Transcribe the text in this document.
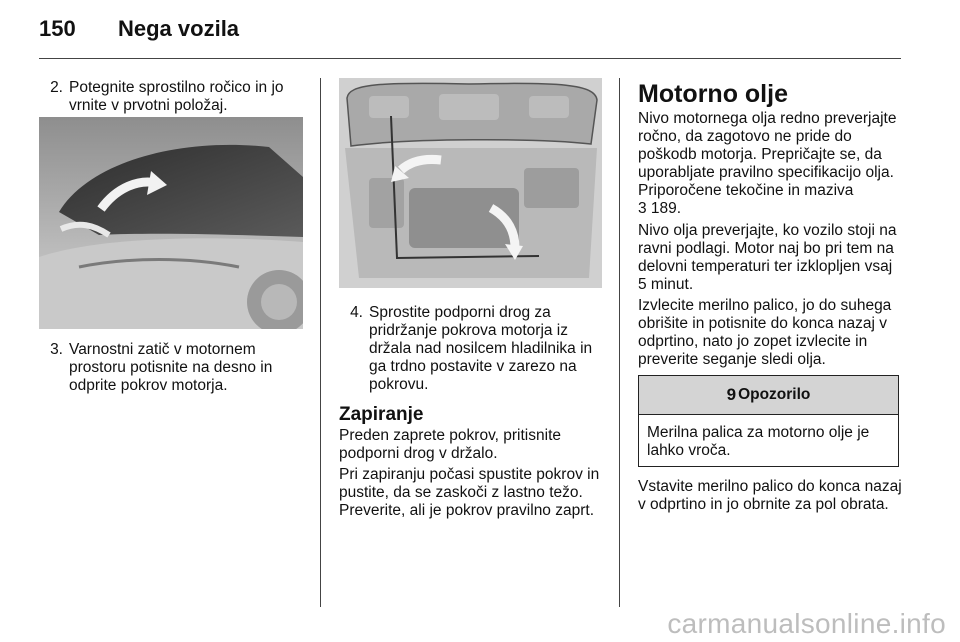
150 Nega vozila
2. Potegnite sprostilno ročico in jo vrnite v prvotni položaj.
3. Varnostni zatič v motornem prostoru potisnite na desno in odprite pokrov motorja.
4. Sprostite podporni drog za pridržanje pokrova motorja iz držala nad nosilcem hladilnika in ga trdno postavite v zarezo na pokrovu.
Zapiranje
Preden zaprete pokrov, pritisnite podporni drog v držalo.
Pri zapiranju počasi spustite pokrov in pustite, da se zaskoči z lastno težo. Preverite, ali je pokrov pravilno zaprt.
Motorno olje
Nivo motornega olja redno preverjajte ročno, da zagotovo ne pride do poškodb motorja. Prepričajte se, da uporabljate pravilno specifikacijo olja. Priporočene tekočine in maziva
3 189.
Nivo olja preverjajte, ko vozilo stoji na ravni podlagi. Motor naj bo pri tem na delovni temperaturi ter izklopljen vsaj 5 minut.
Izvlecite merilno palico, jo do suhega obrišite in potisnite do konca nazaj v odprtino, nato jo zopet izvlecite in preverite seganje sledi olja.
9 Opozorilo
Merilna palica za motorno olje je lahko vroča.
Vstavite merilno palico do konca nazaj v odprtino in jo obrnite za pol obrata.
carmanualsonline.info
